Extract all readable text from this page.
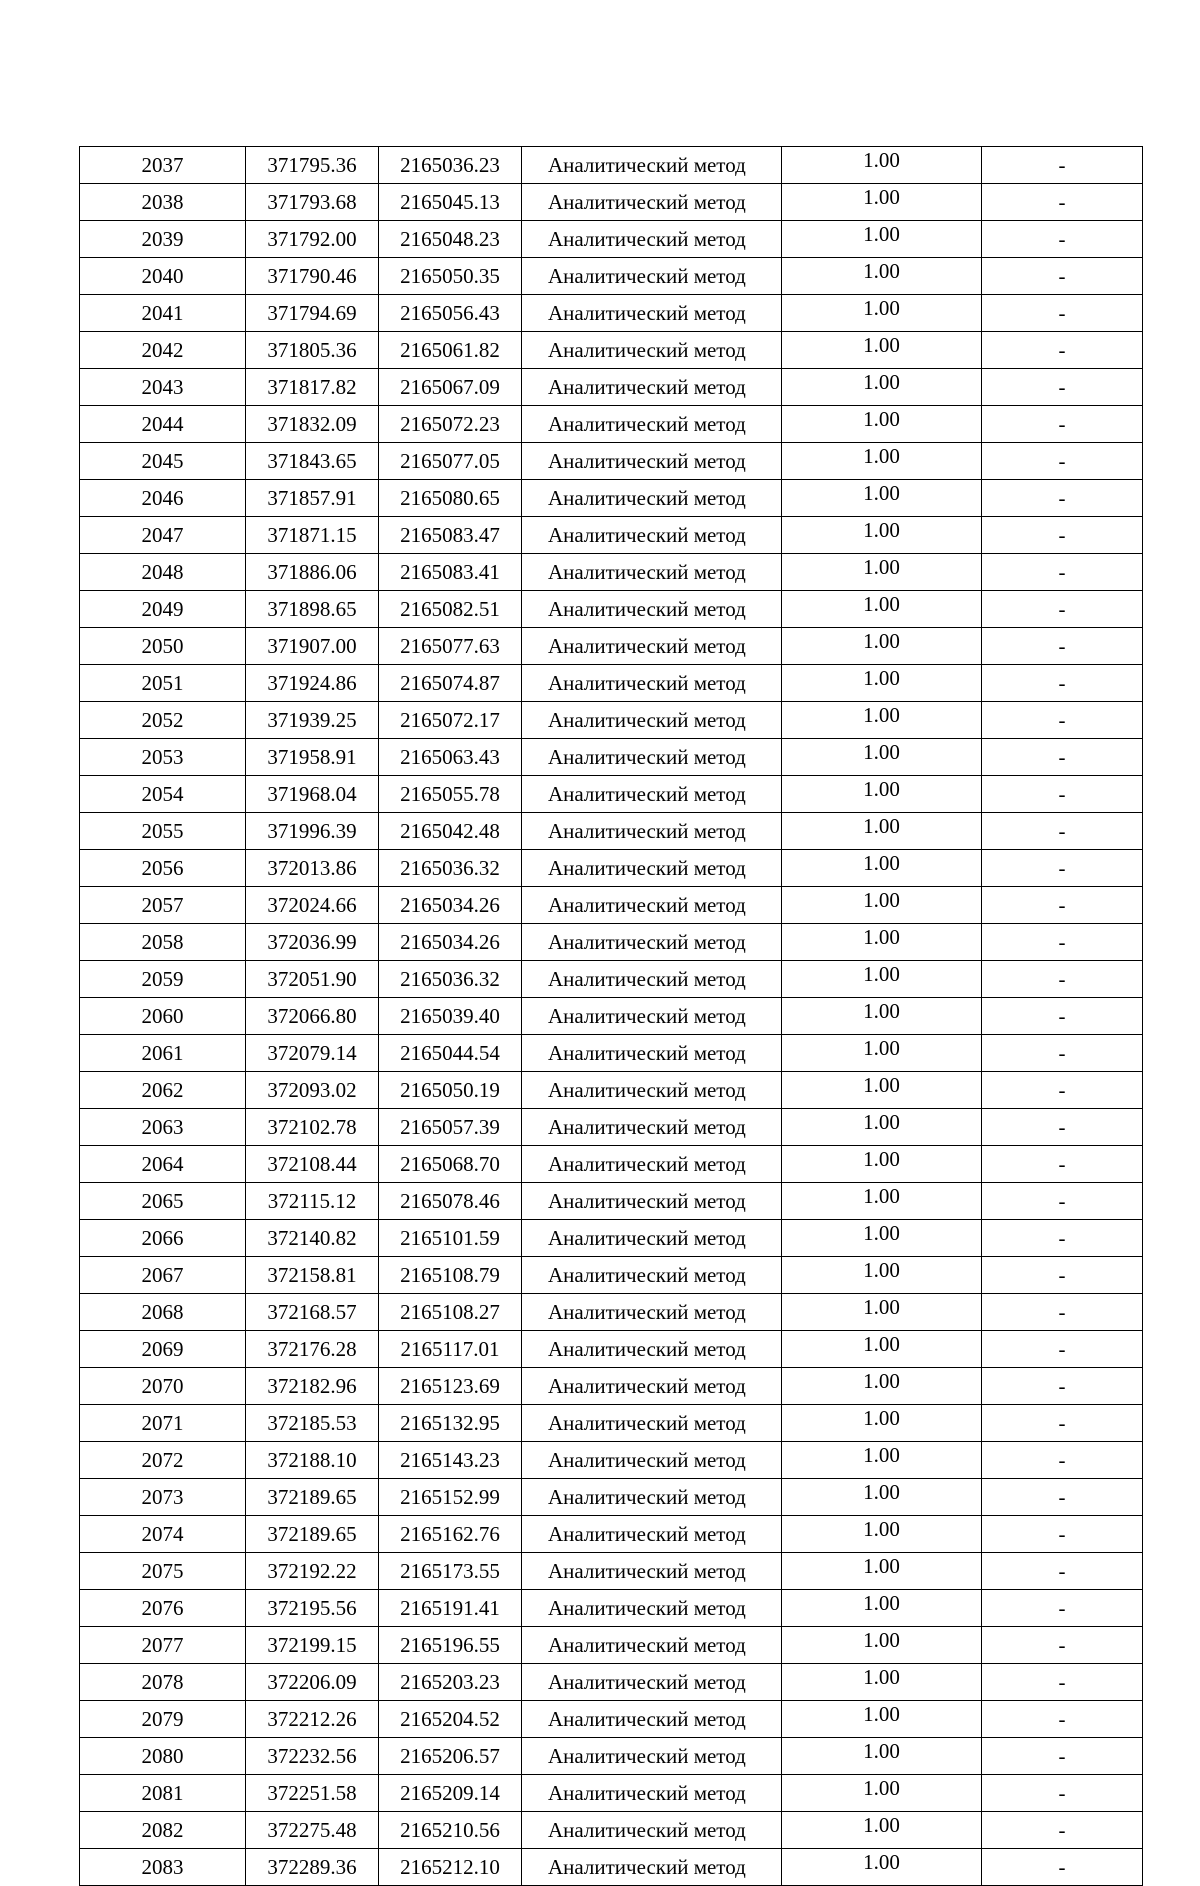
2037	371795.36	2165036.23	Аналитический метод	1.00	-
2038	371793.68	2165045.13	Аналитический метод	1.00	-
2039	371792.00	2165048.23	Аналитический метод	1.00	-
2040	371790.46	2165050.35	Аналитический метод	1.00	-
2041	371794.69	2165056.43	Аналитический метод	1.00	-
2042	371805.36	2165061.82	Аналитический метод	1.00	-
2043	371817.82	2165067.09	Аналитический метод	1.00	-
2044	371832.09	2165072.23	Аналитический метод	1.00	-
2045	371843.65	2165077.05	Аналитический метод	1.00	-
2046	371857.91	2165080.65	Аналитический метод	1.00	-
2047	371871.15	2165083.47	Аналитический метод	1.00	-
2048	371886.06	2165083.41	Аналитический метод	1.00	-
2049	371898.65	2165082.51	Аналитический метод	1.00	-
2050	371907.00	2165077.63	Аналитический метод	1.00	-
2051	371924.86	2165074.87	Аналитический метод	1.00	-
2052	371939.25	2165072.17	Аналитический метод	1.00	-
2053	371958.91	2165063.43	Аналитический метод	1.00	-
2054	371968.04	2165055.78	Аналитический метод	1.00	-
2055	371996.39	2165042.48	Аналитический метод	1.00	-
2056	372013.86	2165036.32	Аналитический метод	1.00	-
2057	372024.66	2165034.26	Аналитический метод	1.00	-
2058	372036.99	2165034.26	Аналитический метод	1.00	-
2059	372051.90	2165036.32	Аналитический метод	1.00	-
2060	372066.80	2165039.40	Аналитический метод	1.00	-
2061	372079.14	2165044.54	Аналитический метод	1.00	-
2062	372093.02	2165050.19	Аналитический метод	1.00	-
2063	372102.78	2165057.39	Аналитический метод	1.00	-
2064	372108.44	2165068.70	Аналитический метод	1.00	-
2065	372115.12	2165078.46	Аналитический метод	1.00	-
2066	372140.82	2165101.59	Аналитический метод	1.00	-
2067	372158.81	2165108.79	Аналитический метод	1.00	-
2068	372168.57	2165108.27	Аналитический метод	1.00	-
2069	372176.28	2165117.01	Аналитический метод	1.00	-
2070	372182.96	2165123.69	Аналитический метод	1.00	-
2071	372185.53	2165132.95	Аналитический метод	1.00	-
2072	372188.10	2165143.23	Аналитический метод	1.00	-
2073	372189.65	2165152.99	Аналитический метод	1.00	-
2074	372189.65	2165162.76	Аналитический метод	1.00	-
2075	372192.22	2165173.55	Аналитический метод	1.00	-
2076	372195.56	2165191.41	Аналитический метод	1.00	-
2077	372199.15	2165196.55	Аналитический метод	1.00	-
2078	372206.09	2165203.23	Аналитический метод	1.00	-
2079	372212.26	2165204.52	Аналитический метод	1.00	-
2080	372232.56	2165206.57	Аналитический метод	1.00	-
2081	372251.58	2165209.14	Аналитический метод	1.00	-
2082	372275.48	2165210.56	Аналитический метод	1.00	-
2083	372289.36	2165212.10	Аналитический метод	1.00	-
